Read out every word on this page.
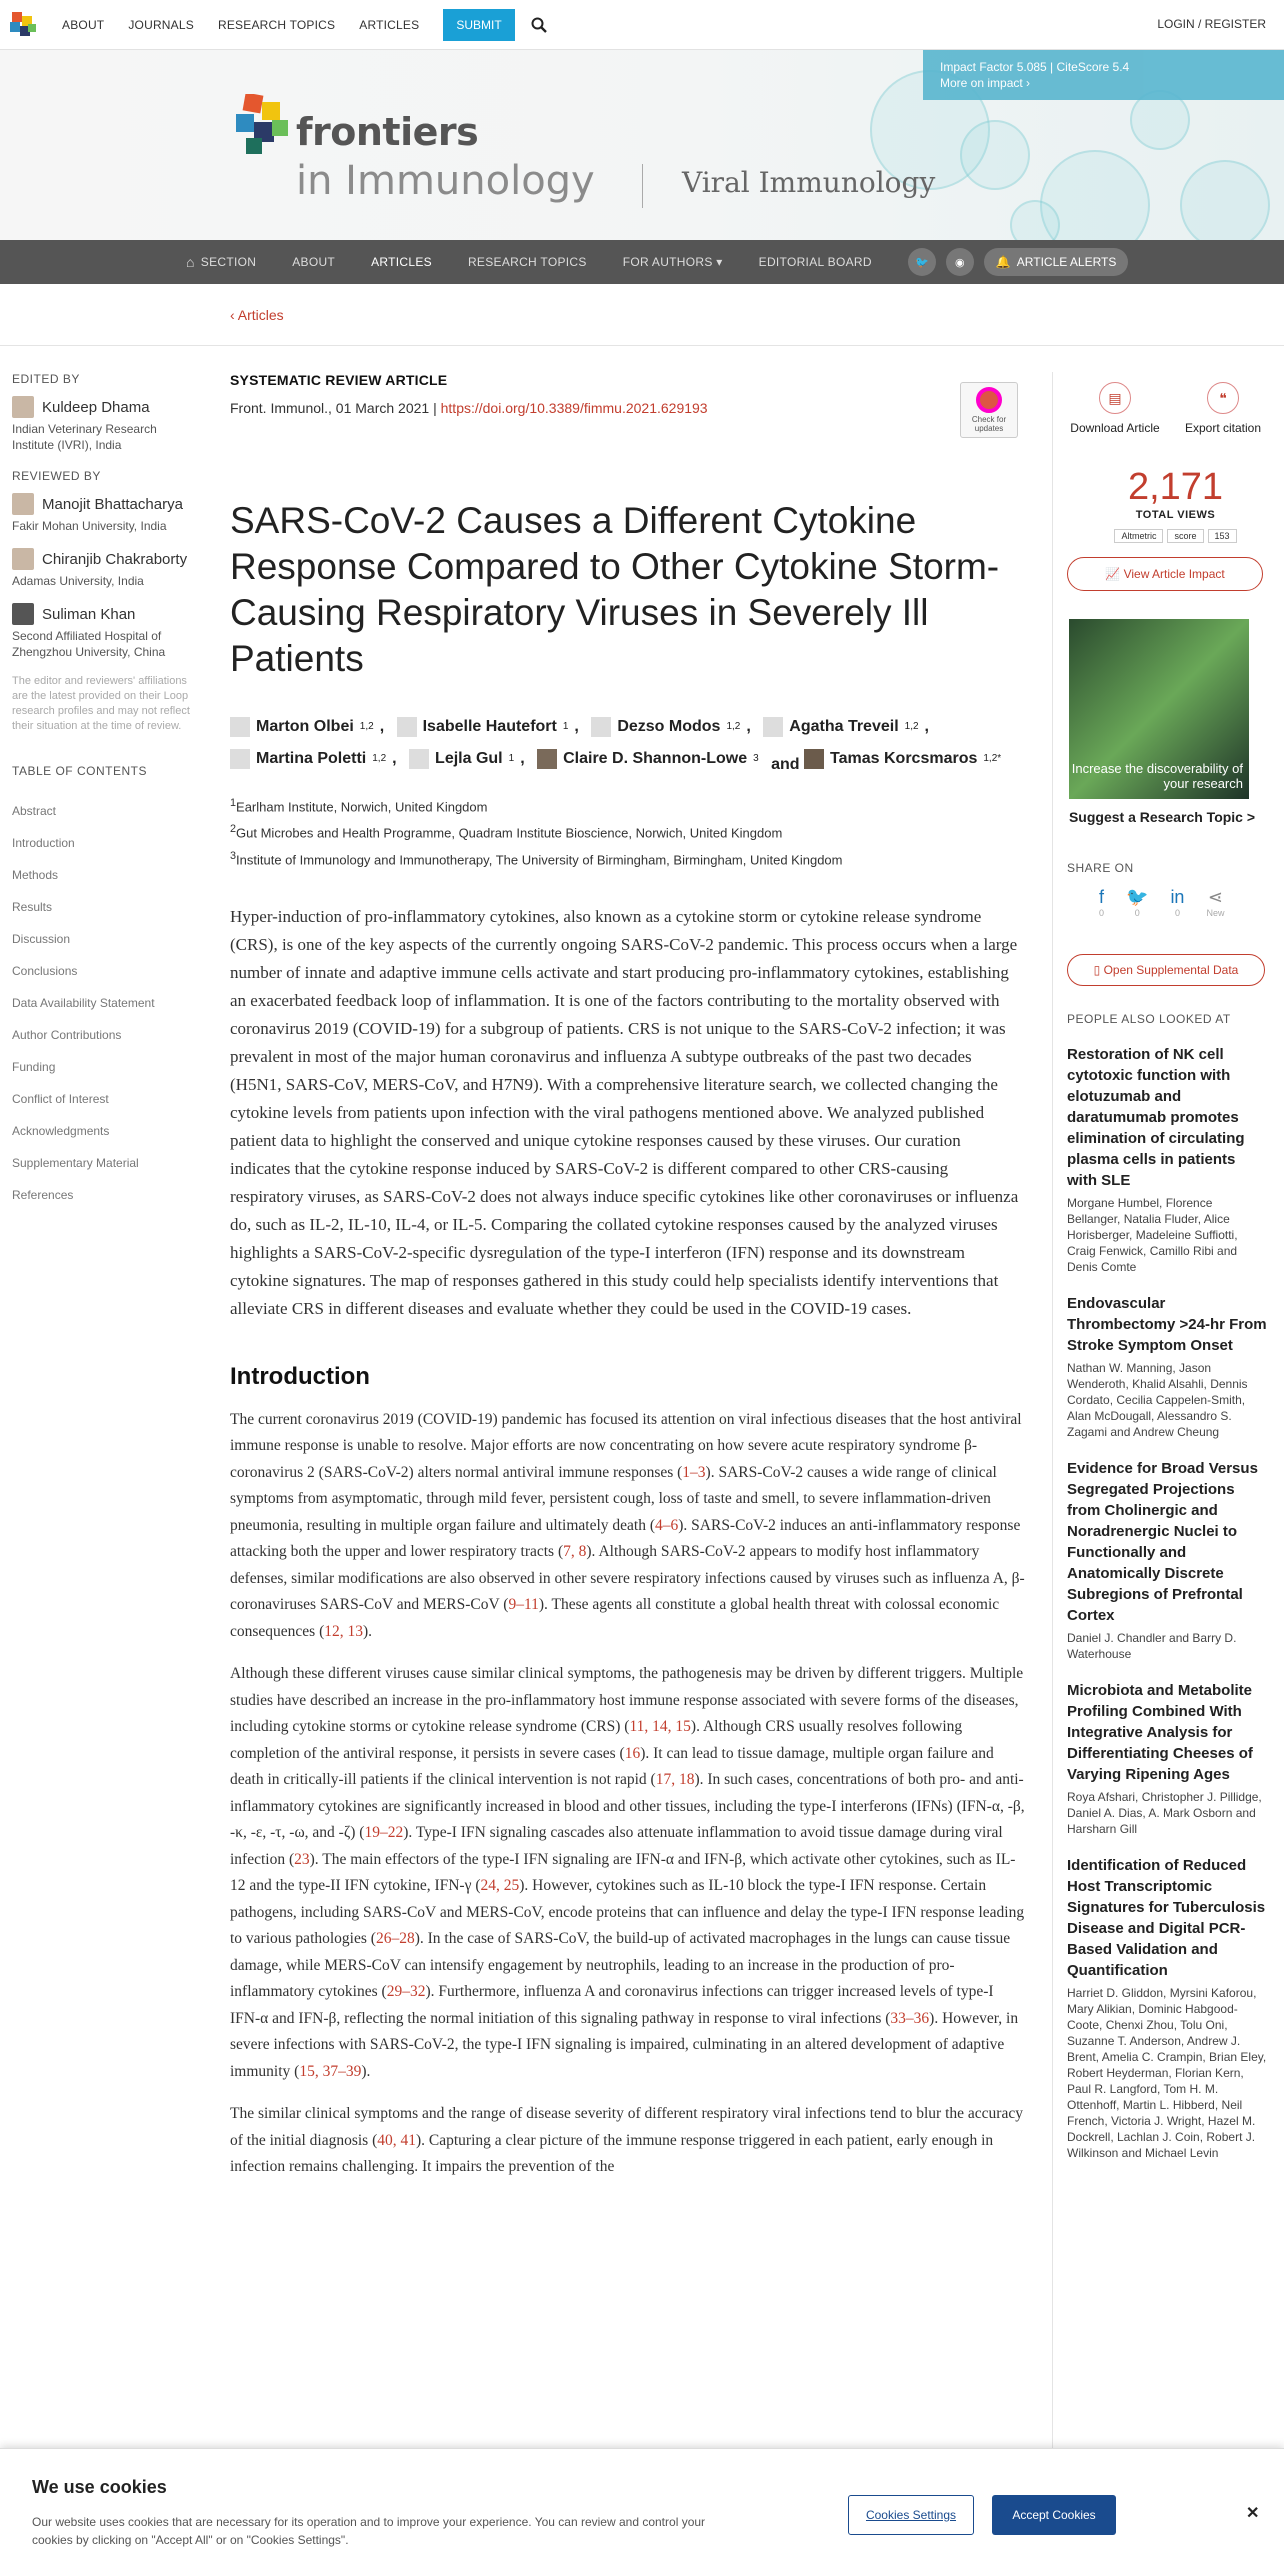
ABOUT JOURNALS RESEARCH TOPICS ARTICLES	SUBMIT	LOGIN / REGISTER
Impact Factor 5.085 | CiteScore 5.4
More on impact ›
frontiers
in Immunology	Viral Immunology
⌂ SECTION	ABOUT	ARTICLES	RESEARCH TOPICS	FOR AUTHORS ▾	EDITORIAL BOARD	🐦	◉	🔔 ARTICLE ALERTS
‹ Articles
EDITED BY
Kuldeep Dhama
Indian Veterinary Research Institute (IVRI), India
REVIEWED BY
Manojit Bhattacharya
Fakir Mohan University, India
Chiranjib Chakraborty
Adamas University, India
Suliman Khan
Second Affiliated Hospital of Zhengzhou University, China
The editor and reviewers' affiliations are the latest provided on their Loop research profiles and may not reflect their situation at the time of review.
TABLE OF CONTENTS
Abstract
Introduction
Methods
Results
Discussion
Conclusions
Data Availability Statement
Author Contributions
Funding
Conflict of Interest
Acknowledgments
Supplementary Material
References
SYSTEMATIC REVIEW ARTICLE
Front. Immunol., 01 March 2021 | https://doi.org/10.3389/fimmu.2021.629193
Check for updates
SARS-CoV-2 Causes a Different Cytokine Response Compared to Other Cytokine Storm-Causing Respiratory Viruses in Severely Ill Patients
Marton Olbei 1,2 , Isabelle Hautefort 1 , Dezso Modos 1,2 , Agatha Treveil 1,2 ,
Martina Poletti 1,2 , Lejla Gul 1 , Claire D. Shannon-Lowe 3 and Tamas Korcsmaros 1,2*
$^1$Earlham Institute, Norwich, United Kingdom
$^2$Gut Microbes and Health Programme, Quadram Institute Bioscience, Norwich, United Kingdom
$^3$Institute of Immunology and Immunotherapy, The University of Birmingham, Birmingham, United Kingdom
Hyper-induction of pro-inflammatory cytokines, also known as a cytokine storm or cytokine release syndrome (CRS), is one of the key aspects of the currently ongoing SARS-CoV-2 pandemic. This process occurs when a large number of innate and adaptive immune cells activate and start producing pro-inflammatory cytokines, establishing an exacerbated feedback loop of inflammation. It is one of the factors contributing to the mortality observed with coronavirus 2019 (COVID-19) for a subgroup of patients. CRS is not unique to the SARS-CoV-2 infection; it was prevalent in most of the major human coronavirus and influenza A subtype outbreaks of the past two decades (H5N1, SARS-CoV, MERS-CoV, and H7N9). With a comprehensive literature search, we collected changing the cytokine levels from patients upon infection with the viral pathogens mentioned above. We analyzed published patient data to highlight the conserved and unique cytokine responses caused by these viruses. Our curation indicates that the cytokine response induced by SARS-CoV-2 is different compared to other CRS-causing respiratory viruses, as SARS-CoV-2 does not always induce specific cytokines like other coronaviruses or influenza do, such as IL-2, IL-10, IL-4, or IL-5. Comparing the collated cytokine responses caused by the analyzed viruses highlights a SARS-CoV-2-specific dysregulation of the type-I interferon (IFN) response and its downstream cytokine signatures. The map of responses gathered in this study could help specialists identify interventions that alleviate CRS in different diseases and evaluate whether they could be used in the COVID-19 cases.
Introduction

The current coronavirus 2019 (COVID-19) pandemic has focused its attention on viral infectious diseases that the host antiviral immune response is unable to resolve. Major efforts are now concentrating on how severe acute respiratory syndrome β-coronavirus 2 (SARS-CoV-2) alters normal antiviral immune responses (1–3). SARS-CoV-2 causes a wide range of clinical symptoms from asymptomatic, through mild fever, persistent cough, loss of taste and smell, to severe inflammation-driven pneumonia, resulting in multiple organ failure and ultimately death (4–6). SARS-CoV-2 induces an anti-inflammatory response attacking both the upper and lower respiratory tracts (7, 8). Although SARS-CoV-2 appears to modify host inflammatory defenses, similar modifications are also observed in other severe respiratory infections caused by viruses such as influenza A, β-coronaviruses SARS-CoV and MERS-CoV (9–11). These agents all constitute a global health threat with colossal economic consequences (12, 13).

Although these different viruses cause similar clinical symptoms, the pathogenesis may be driven by different triggers. Multiple studies have described an increase in the pro-inflammatory host immune response associated with severe forms of the diseases, including cytokine storms or cytokine release syndrome (CRS) (11, 14, 15). Although CRS usually resolves following completion of the antiviral response, it persists in severe cases (16). It can lead to tissue damage, multiple organ failure and death in critically-ill patients if the clinical intervention is not rapid (17, 18). In such cases, concentrations of both pro- and anti-inflammatory cytokines are significantly increased in blood and other tissues, including the type-I interferons (IFNs) (IFN-α, -β, -κ, -ε, -τ, -ω, and -ζ) (19–22). Type-I IFN signaling cascades also attenuate inflammation to avoid tissue damage during viral infection (23). The main effectors of the type-I IFN signaling are IFN-α and IFN-β, which activate other cytokines, such as IL-12 and the type-II IFN cytokine, IFN-γ (24, 25). However, cytokines such as IL-10 block the type-I IFN response. Certain pathogens, including SARS-CoV and MERS-CoV, encode proteins that can influence and delay the type-I IFN response leading to various pathologies (26–28). In the case of SARS-CoV, the build-up of activated macrophages in the lungs can cause tissue damage, while MERS-CoV can intensify engagement by neutrophils, leading to an increase in the production of pro-inflammatory cytokines (29–32). Furthermore, influenza A and coronavirus infections can trigger increased levels of type-I IFN-α and IFN-β, reflecting the normal initiation of this signaling pathway in response to viral infections (33–36). However, in severe infections with SARS-CoV-2, the type-I IFN signaling is impaired, culminating in an altered development of adaptive immunity (15, 37–39).

The similar clinical symptoms and the range of disease severity of different respiratory viral infections tend to blur the accuracy of the initial diagnosis (40, 41). Capturing a clear picture of the immune response triggered in each patient, early enough in infection remains challenging. It impairs the prevention of the

▤
Download Article
❝
Export citation
2,171
TOTAL VIEWS
Altmetric	score	153
📈 View Article Impact
Increase the discoverability of your research
Suggest a Research Topic >
SHARE ON
f
0
🐦
0
in
0
⋖
New
▯ Open Supplemental Data
PEOPLE ALSO LOOKED AT
Restoration of NK cell cytotoxic function with elotuzumab and daratumumab promotes elimination of circulating plasma cells in patients with SLE
Morgane Humbel, Florence Bellanger, Natalia Fluder, Alice Horisberger, Madeleine Suffiotti, Craig Fenwick, Camillo Ribi and Denis Comte
Endovascular Thrombectomy >24-hr From Stroke Symptom Onset
Nathan W. Manning, Jason Wenderoth, Khalid Alsahli, Dennis Cordato, Cecilia Cappelen-Smith, Alan McDougall, Alessandro S. Zagami and Andrew Cheung
Evidence for Broad Versus Segregated Projections from Cholinergic and Noradrenergic Nuclei to Functionally and Anatomically Discrete Subregions of Prefrontal Cortex
Daniel J. Chandler and Barry D. Waterhouse
Microbiota and Metabolite Profiling Combined With Integrative Analysis for Differentiating Cheeses of Varying Ripening Ages
Roya Afshari, Christopher J. Pillidge, Daniel A. Dias, A. Mark Osborn and Harsharn Gill
Identification of Reduced Host Transcriptomic Signatures for Tuberculosis Disease and Digital PCR-Based Validation and Quantification
Harriet D. Gliddon, Myrsini Kaforou, Mary Alikian, Dominic Habgood-Coote, Chenxi Zhou, Tolu Oni, Suzanne T. Anderson, Andrew J. Brent, Amelia C. Crampin, Brian Eley, Robert Heyderman, Florian Kern, Paul R. Langford, Tom H. M. Ottenhoff, Martin L. Hibberd, Neil French, Victoria J. Wright, Hazel M. Dockrell, Lachlan J. Coin, Robert J. Wilkinson and Michael Levin
We use cookies
Our website uses cookies that are necessary for its operation and to improve your experience. You can review and control your cookies by clicking on "Accept All" or on "Cookies Settings".
Cookies Settings	Accept Cookies	✕
